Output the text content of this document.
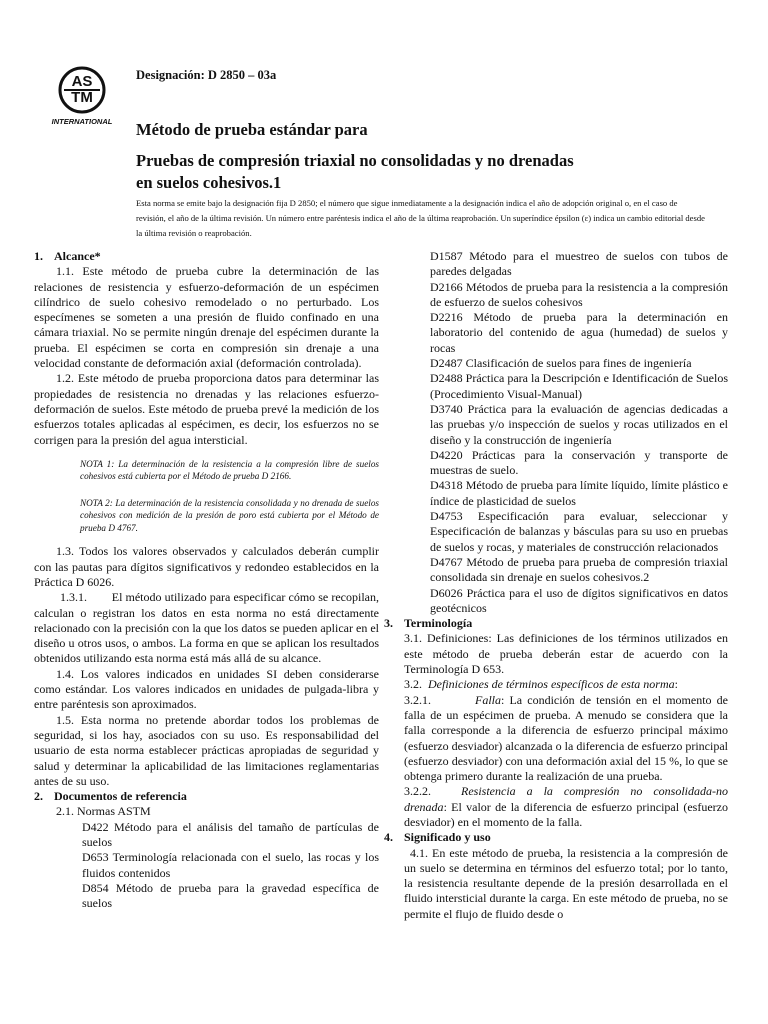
AS
TM
INTERNATIONAL
Designación: D 2850 – 03a
Método de prueba estándar para
Pruebas de compresión triaxial no consolidadas y no drenadas
en suelos cohesivos.1
Esta norma se emite bajo la designación fija D 2850; el número que sigue inmediatamente a la designación indica el año de adopción original o, en el caso de revisión, el año de la última revisión. Un número entre paréntesis indica el año de la última reaprobación. Un superíndice épsilon (ε) indica un cambio editorial desde la última revisión o reaprobación.

1. Alcance*

1.1. Este método de prueba cubre la determinación de las relaciones de resistencia y esfuerzo-deformación de un espécimen cilíndrico de suelo cohesivo remodelado o no perturbado. Los especímenes se someten a una presión de fluido confinado en una cámara triaxial. No se permite ningún drenaje del espécimen durante la prueba. El espécimen se corta en compresión sin drenaje a una velocidad constante de deformación axial (deformación controlada).

1.2. Este método de prueba proporciona datos para determinar las propiedades de resistencia no drenadas y las relaciones esfuerzo-deformación de suelos. Este método de prueba prevé la medición de los esfuerzos totales aplicadas al espécimen, es decir, los esfuerzos no se corrigen para la presión del agua intersticial.

NOTA 1: La determinación de la resistencia a la compresión libre de suelos cohesivos está cubierta por el Método de prueba D 2166.

NOTA 2: La determinación de la resistencia consolidada y no drenada de suelos cohesivos con medición de la presión de poro está cubierta por el Método de prueba D 4767.

1.3. Todos los valores observados y calculados deberán cumplir con las pautas para dígitos significativos y redondeo establecidos en la Práctica D 6026.

1.3.1.        El método utilizado para especificar cómo se recopilan, calculan o registran los datos en esta norma no está directamente relacionado con la precisión con la que los datos se pueden aplicar en el diseño u otros usos, o ambos. La forma en que se aplican los resultados obtenidos utilizando esta norma está más allá de su alcance.

1.4. Los valores indicados en unidades SI deben considerarse como estándar. Los valores indicados en unidades de pulgada-libra y entre paréntesis son aproximados.

1.5. Esta norma no pretende abordar todos los problemas de seguridad, si los hay, asociados con su uso. Es responsabilidad del usuario de esta norma establecer prácticas apropiadas de seguridad y salud y determinar la aplicabilidad de las limitaciones reglamentarias antes de su uso.

2. Documentos de referencia

2.1. Normas ASTM

D422 Método para el análisis del tamaño de partículas de suelos

D653 Terminología relacionada con el suelo, las rocas y los fluidos contenidos

D854 Método de prueba para la gravedad específica de suelos

D1587 Método para el muestreo de suelos con tubos de paredes delgadas

D2166 Métodos de prueba para la resistencia a la compresión de esfuerzo de suelos cohesivos

D2216 Método de prueba para la determinación en laboratorio del contenido de agua (humedad) de suelos y rocas

D2487 Clasificación de suelos para fines de ingeniería

D2488 Práctica para la Descripción e Identificación de Suelos (Procedimiento Visual-Manual)

D3740 Práctica para la evaluación de agencias dedicadas a las pruebas y/o inspección de suelos y rocas utilizados en el diseño y la construcción de ingeniería

D4220 Prácticas para la conservación y transporte de muestras de suelo.

D4318 Método de prueba para límite líquido, límite plástico e índice de plasticidad de suelos

D4753 Especificación para evaluar, seleccionar y Especificación de balanzas y básculas para su uso en pruebas de suelos y rocas, y materiales de construcción relacionados

D4767 Método de prueba para prueba de compresión triaxial consolidada sin drenaje en suelos cohesivos.2

D6026 Práctica para el uso de dígitos significativos en datos geotécnicos

3. Terminología

3.1. Definiciones: Las definiciones de los términos utilizados en este método de prueba deberán estar de acuerdo con la Terminología D 653.

3.2. Definiciones de términos específicos de esta norma:

3.2.1.	Falla: La condición de tensión en el momento de falla de un espécimen de prueba. A menudo se considera que la falla corresponde a la diferencia de esfuerzo principal máximo (esfuerzo desviador) alcanzada o la diferencia de esfuerzo principal (esfuerzo desviador) con una deformación axial del 15 %, lo que se obtenga primero durante la realización de una prueba.

3.2.2.	Resistencia a la compresión no consolidada-no drenada: El valor de la diferencia de esfuerzo principal (esfuerzo desviador) en el momento de la falla.

4. Significado y uso

4.1. En este método de prueba, la resistencia a la compresión de un suelo se determina en términos del esfuerzo total; por lo tanto, la resistencia resultante depende de la presión desarrollada en el fluido intersticial durante la carga. En este método de prueba, no se permite el flujo de fluido desde o
